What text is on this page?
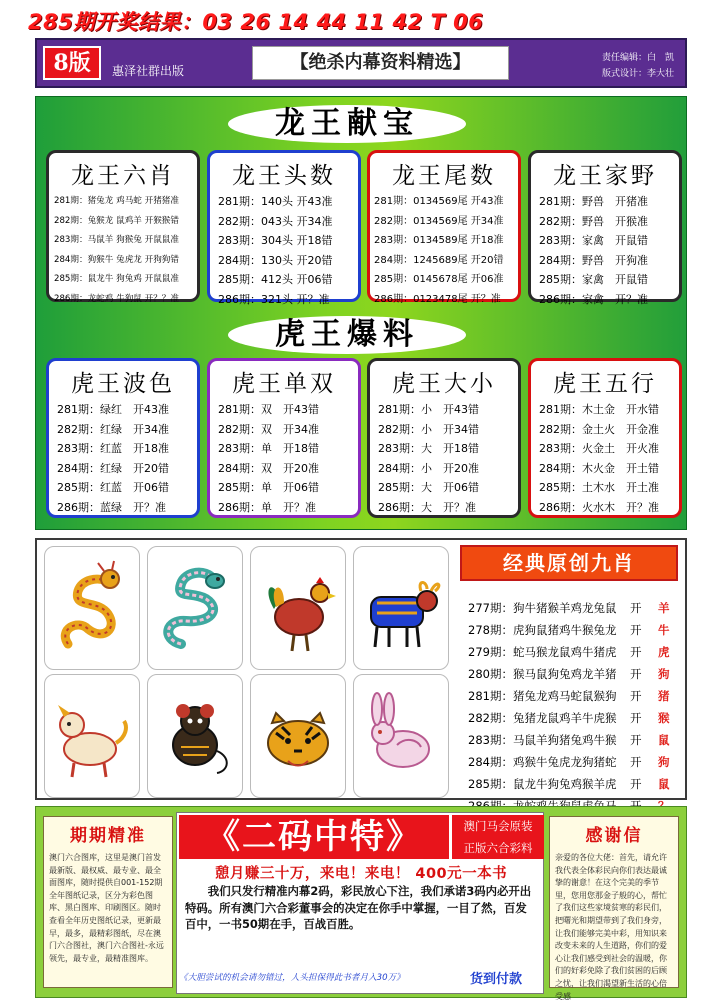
285期开奖结果：03 26 14 44 11 42 T 06
8版	惠泽社群出版	【绝杀内幕资料精选】	责任编辑：白　凯
版式设计：李大壮
龙王献宝
虎王爆料
龙王六肖
281期：猪兔龙 鸡马蛇 开猪猪准
282期：兔猴龙 鼠鸡羊 开猴猴错
283期：马鼠羊 狗猴兔 开鼠鼠准
284期：狗猴牛 兔虎龙 开狗狗错
285期：鼠龙牛 狗兔鸡 开鼠鼠准
286期：龙蛇鸡 牛狗鼠 开？？准
龙王头数
281期：140头 开43准
282期：043头 开34准
283期：304头 开18错
284期：130头 开20错
285期：412头 开06错
286期：321头 开？准
龙王尾数
281期：0134569尾 开43准
282期：0134569尾 开34准
283期：0134589尾 开18准
284期：1245689尾 开20错
285期：0145678尾 开06准
286期：0123478尾 开？准
龙王家野
281期：野兽　开猪准
282期：野兽　开猴准
283期：家禽　开鼠错
284期：野兽　开狗准
285期：家禽　开鼠错
286期：家禽　开？准
虎王波色
281期：绿红　开43准
282期：红绿　开34准
283期：红蓝　开18准
284期：红绿　开20错
285期：红蓝　开06错
286期：蓝绿　开？准
虎王单双
281期：双　开43错
282期：双　开34准
283期：单　开18错
284期：双　开20准
285期：单　开06错
286期：单　开？准
虎王大小
281期：小　开43错
282期：小　开34错
283期：大　开18错
284期：小　开20准
285期：大　开06错
286期：大　开？准
虎王五行
281期：木土金　开水错
282期：金土火　开金准
283期：火金土　开火准
284期：木火金　开土错
285期：土木水　开土准
286期：火水木　开？准
经典原创九肖
277期：狗牛猪猴羊鸡龙兔鼠 开 羊
278期：虎狗鼠猪鸡牛猴兔龙 开 牛
279期：蛇马猴龙鼠鸡牛猪虎 开 虎
280期：猴马鼠狗兔鸡龙羊猪 开 狗
281期：猪兔龙鸡马蛇鼠猴狗 开 猪
282期：兔猪龙鼠鸡羊牛虎猴 开 猴
283期：马鼠羊狗猪兔鸡牛猴 开 鼠
284期：鸡猴牛兔虎龙狗猪蛇 开 狗
285期：鼠龙牛狗兔鸡猴羊虎 开 鼠
期期精准
澳门六合图库，这里是澳门首发最新版、最权威、最专业、最全面图库，随时提供自001-152期全年图纸记录，区分为彩色图库、黑白图库、印刷图区。随时查看全年历史图纸记录，更新最早，最多，最精彩图纸，尽在澳门六合图社，澳门六合图社-永远领先，最专业，最精准图库。
《二码中特》	澳门马会原装
正版六合彩料
憩月赚三十万，来电！来电！ 400元一本书
我们只发行精准内幕2码，彩民放心下注，我们承诺3码内必开出特码。所有澳门六合彩董事会的决定在你手中掌握，一目了然，百发百中，一书50期在手，百战百胜。
《大胆尝试的机会请勿错过，人头担保得此书者月入30万》	货到付款
感谢信
亲爱的各位大佬：首先，请允许我代表全体彩民向你们表达最诚挚的谢意！在这个完美的季节里，您用您那金子般的心，帮忙了我们这些家境贫寒的彩民们，把曙光和期望带到了我们身旁，让我们能够完美中彩，用知识来改变未来的人生道路，你们的爱心让我们感受到社会的温暖，你们的好彩免除了我们贫困的后顾之忧，让我们渴望新生活的心倍受感
